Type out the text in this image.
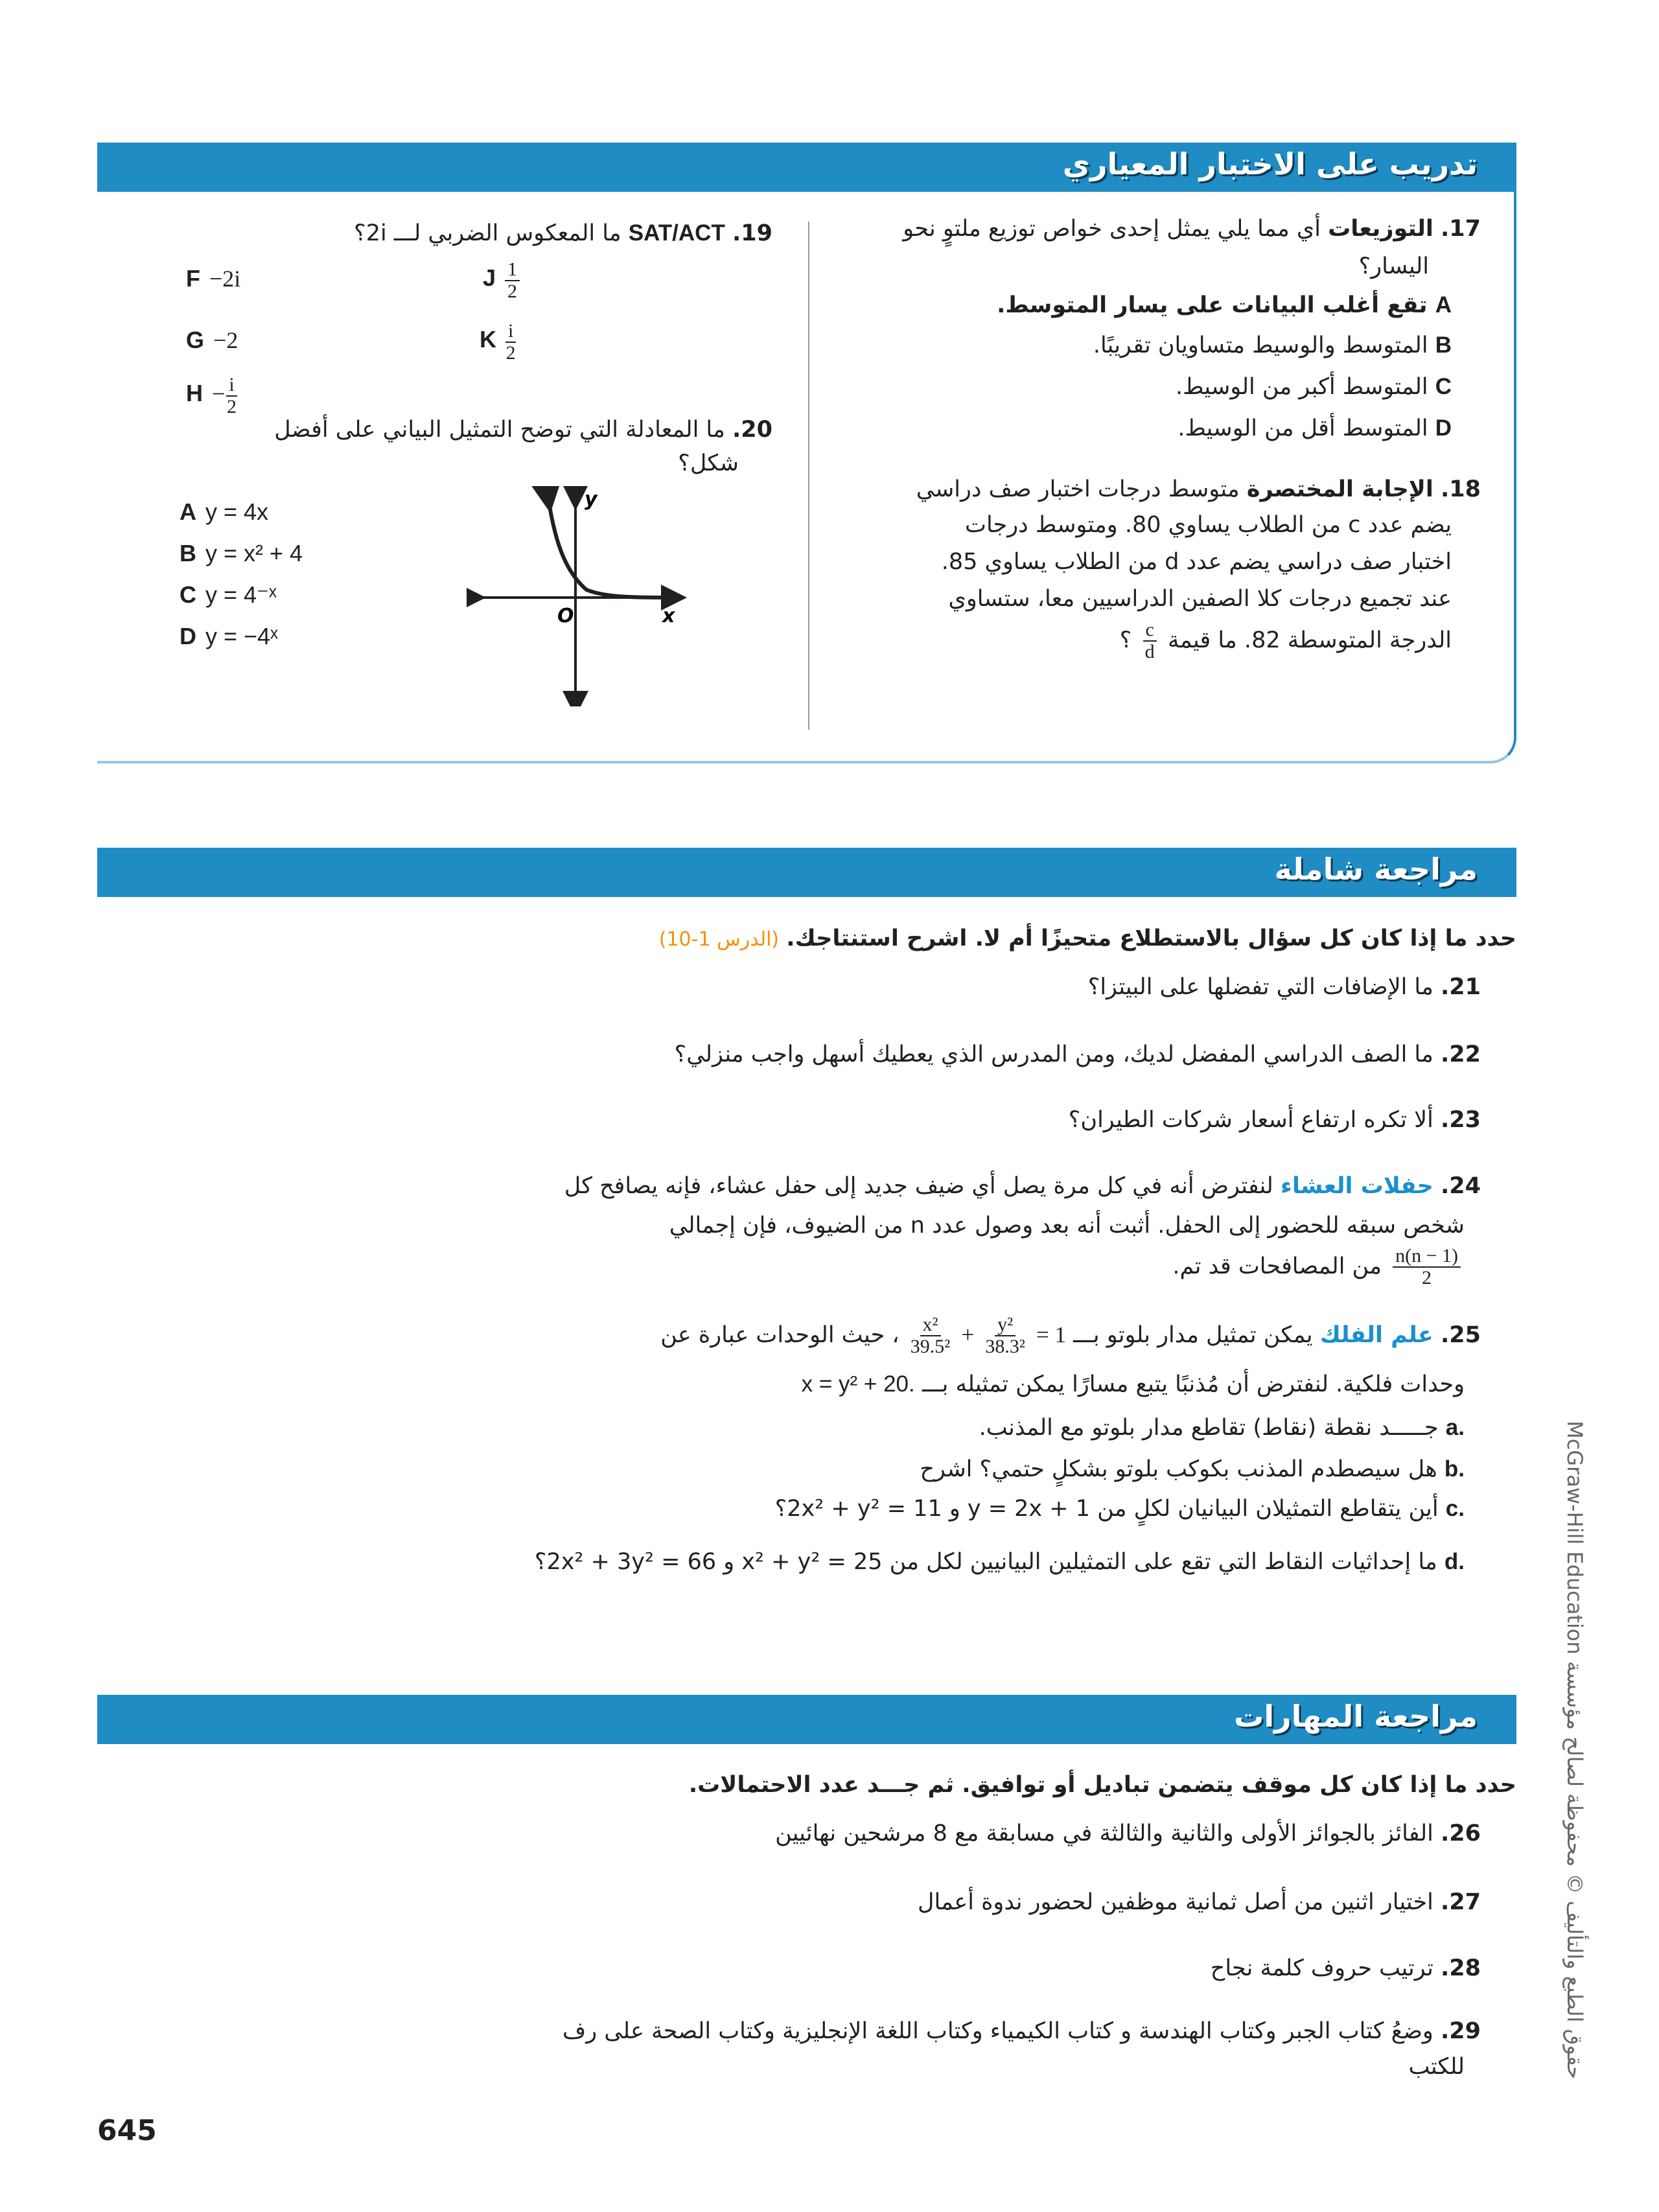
تدريب على الاختبار المعياري
17. التوزيعات أي مما يلي يمثل إحدى خواص توزيع ملتوٍ نحو
اليسار؟
A تقع أغلب البيانات على يسار المتوسط.
B المتوسط والوسيط متساويان تقريبًا.
C المتوسط أكبر من الوسيط.
D المتوسط أقل من الوسيط.
18. الإجابة المختصرة متوسط درجات اختبار صف دراسي
يضم عدد c من الطلاب يساوي 80. ومتوسط درجات
اختبار صف دراسي يضم عدد d من الطلاب يساوي 85.
عند تجميع درجات كلا الصفين الدراسيين معا، ستساوي
الدرجة المتوسطة 82. ما قيمة
$\frac{c}{d}$
؟
19. SAT/ACT ما المعكوس الضربي لـــ 2i؟
F −2i
G −2
$H - \frac{i}{2}$
J $\frac{1}{2}$
K $\frac{i}{2}$
20. ما المعادلة التي توضح التمثيل البياني على أفضل
شكل؟
A y = 4x
B y = x² + 4
C y = 4⁻ˣ
D y = −4ˣ
y
O	x
مراجعة شاملة
حدد ما إذا كان كل سؤال بالاستطلاع متحيزًا أم لا. اشرح استنتاجك. (الدرس 1-10)
21. ما الإضافات التي تفضلها على البيتزا؟
22. ما الصف الدراسي المفضل لديك، ومن المدرس الذي يعطيك أسهل واجب منزلي؟
23. ألا تكره ارتفاع أسعار شركات الطيران؟
24. حفلات العشاء لنفترض أنه في كل مرة يصل أي ضيف جديد إلى حفل عشاء، فإنه يصافح كل
شخص سبقه للحضور إلى الحفل. أثبت أنه بعد وصول عدد n من الضيوف، فإن إجمالي
$\frac{n(n - 1)}{2}$
من المصافحات قد تم.
25. علم الفلك يمكن تمثيل مدار بلوتو بـــ 1 =
$\frac{\text{y²}}{\text{38.3²}}$
+
$\frac{\text{x²}}{\text{39.5²}}$
، حيث الوحدات عبارة عن
وحدات فلكية. لنفترض أن مُذنبًا يتبع مسارًا يمكن تمثيله بـــ x = y² + 20.
a. جـــــد نقطة (نقاط) تقاطع مدار بلوتو مع المذنب.
b. هل سيصطدم المذنب بكوكب بلوتو بشكلٍ حتمي؟ اشرح
c. أين يتقاطع التمثيلان البيانيان لكلٍ من y = 2x + 1 و 2x² + y² = 11؟
d. ما إحداثيات النقاط التي تقع على التمثيلين البيانيين لكل من x² + y² = 25 و 2x² + 3y² = 66؟
مراجعة المهارات
حدد ما إذا كان كل موقف يتضمن تباديل أو توافيق. ثم جـــد عدد الاحتمالات.
26. الفائز بالجوائز الأولى والثانية والثالثة في مسابقة مع 8 مرشحين نهائيين
27. اختيار اثنين من أصل ثمانية موظفين لحضور ندوة أعمال
28. ترتيب حروف كلمة نجاح
29. وضعُ كتاب الجبر وكتاب الهندسة و كتاب الكيمياء وكتاب اللغة الإنجليزية وكتاب الصحة على رف
للكتب
645
حقوق الطبع والتأليف © محفوظة لصالح مؤسسة McGraw-Hill Education
